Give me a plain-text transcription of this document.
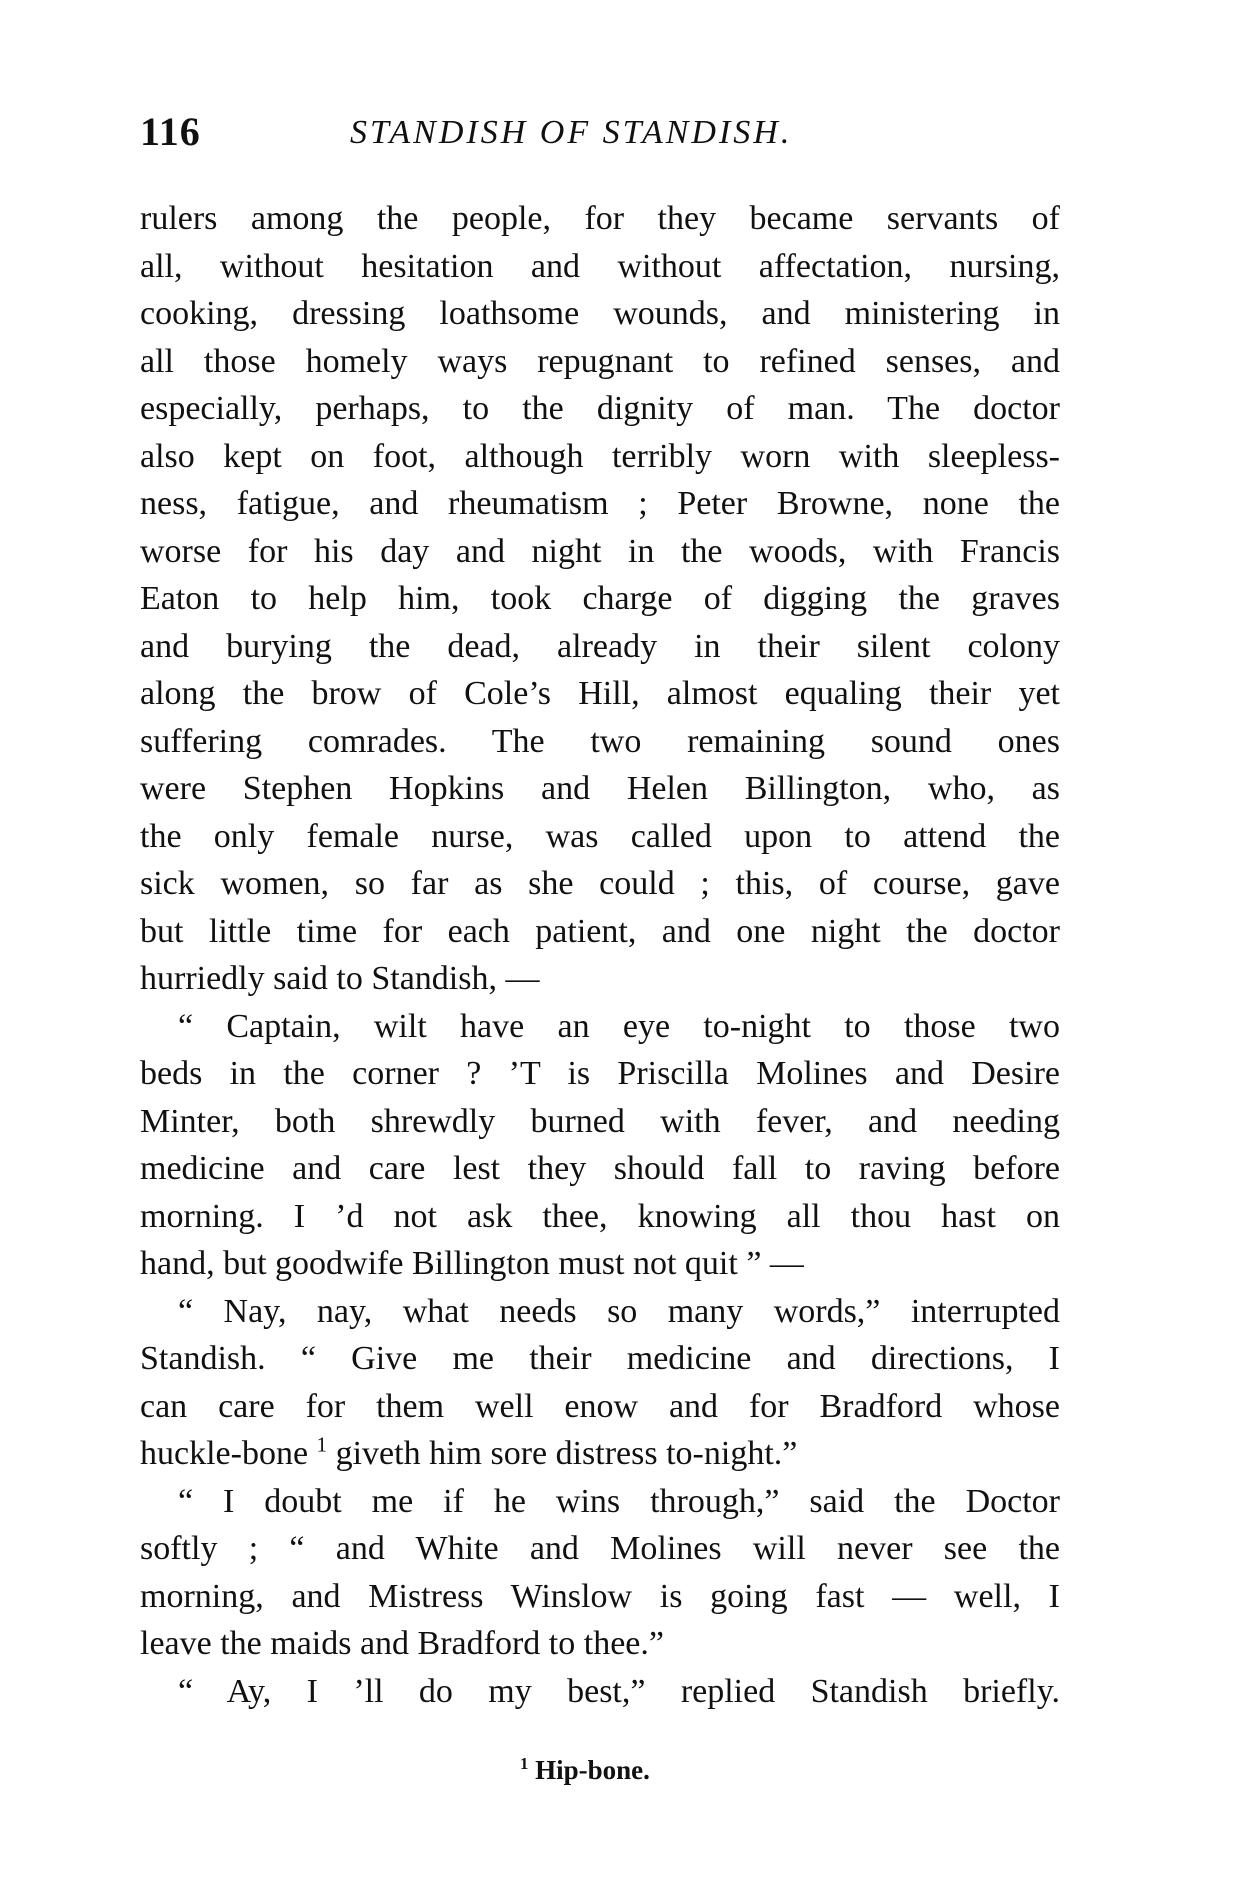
116	STANDISH OF STANDISH.
rulers among the people, for they became servants of
all, without hesitation and without affectation, nursing,
cooking, dressing loathsome wounds, and ministering in
all those homely ways repugnant to refined senses, and
especially, perhaps, to the dignity of man. The doctor
also kept on foot, although terribly worn with sleepless-
ness, fatigue, and rheumatism ; Peter Browne, none the
worse for his day and night in the woods, with Francis
Eaton to help him, took charge of digging the graves
and burying the dead, already in their silent colony
along the brow of Cole’s Hill, almost equaling their yet
suffering comrades. The two remaining sound ones
were Stephen Hopkins and Helen Billington, who, as
the only female nurse, was called upon to attend the
sick women, so far as she could ; this, of course, gave
but little time for each patient, and one night the doctor
hurriedly said to Standish, —
“ Captain, wilt have an eye to-night to those two
beds in the corner ? ’T is Priscilla Molines and Desire
Minter, both shrewdly burned with fever, and needing
medicine and care lest they should fall to raving before
morning. I ’d not ask thee, knowing all thou hast on
hand, but goodwife Billington must not quit ” —
“ Nay, nay, what needs so many words,” interrupted
Standish. “ Give me their medicine and directions, I
can care for them well enow and for Bradford whose
huckle-bone $^1$ giveth him sore distress to-night.”
“ I doubt me if he wins through,” said the Doctor
softly ; “ and White and Molines will never see the
morning, and Mistress Winslow is going fast — well, I
leave the maids and Bradford to thee.”
“ Ay, I ’ll do my best,” replied Standish briefly.
$^1$ Hip-bone.
